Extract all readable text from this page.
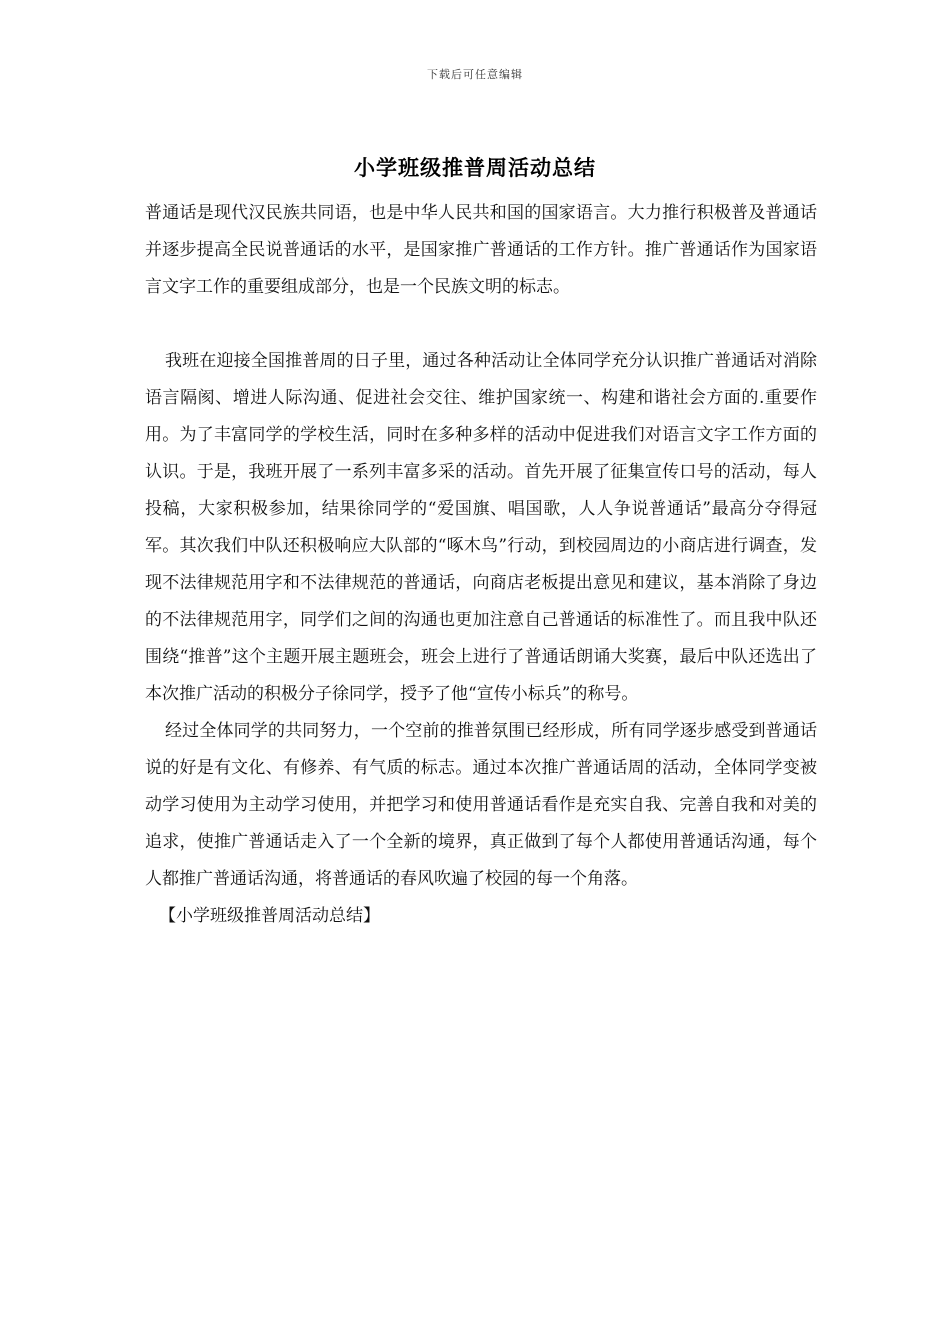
下载后可任意编辑
小学班级推普周活动总结

普通话是现代汉民族共同语，也是中华人民共和国的国家语言。大力推行积极普及普通话并逐步提高全民说普通话的水平，是国家推广普通话的工作方针。推广普通话作为国家语言文字工作的重要组成部分，也是一个民族文明的标志。

我班在迎接全国推普周的日子里，通过各种活动让全体同学充分认识推广普通话对消除语言隔阂、增进人际沟通、促进社会交往、维护国家统一、构建和谐社会方面的.重要作用。为了丰富同学的学校生活，同时在多种多样的活动中促进我们对语言文字工作方面的认识。于是，我班开展了一系列丰富多采的活动。首先开展了征集宣传口号的活动，每人投稿，大家积极参加，结果徐同学的“爱国旗、唱国歌，人人争说普通话”最高分夺得冠军。其次我们中队还积极响应大队部的“啄木鸟”行动，到校园周边的小商店进行调查，发现不法律规范用字和不法律规范的普通话，向商店老板提出意见和建议，基本消除了身边的不法律规范用字，同学们之间的沟通也更加注意自己普通话的标准性了。而且我中队还围绕“推普”这个主题开展主题班会，班会上进行了普通话朗诵大奖赛，最后中队还选出了本次推广活动的积极分子徐同学，授予了他“宣传小标兵”的称号。

经过全体同学的共同努力，一个空前的推普氛围已经形成，所有同学逐步感受到普通话说的好是有文化、有修养、有气质的标志。通过本次推广普通话周的活动，全体同学变被动学习使用为主动学习使用，并把学习和使用普通话看作是充实自我、完善自我和对美的追求，使推广普通话走入了一个全新的境界，真正做到了每个人都使用普通话沟通，每个人都推广普通话沟通，将普通话的春风吹遍了校园的每一个角落。

【小学班级推普周活动总结】
